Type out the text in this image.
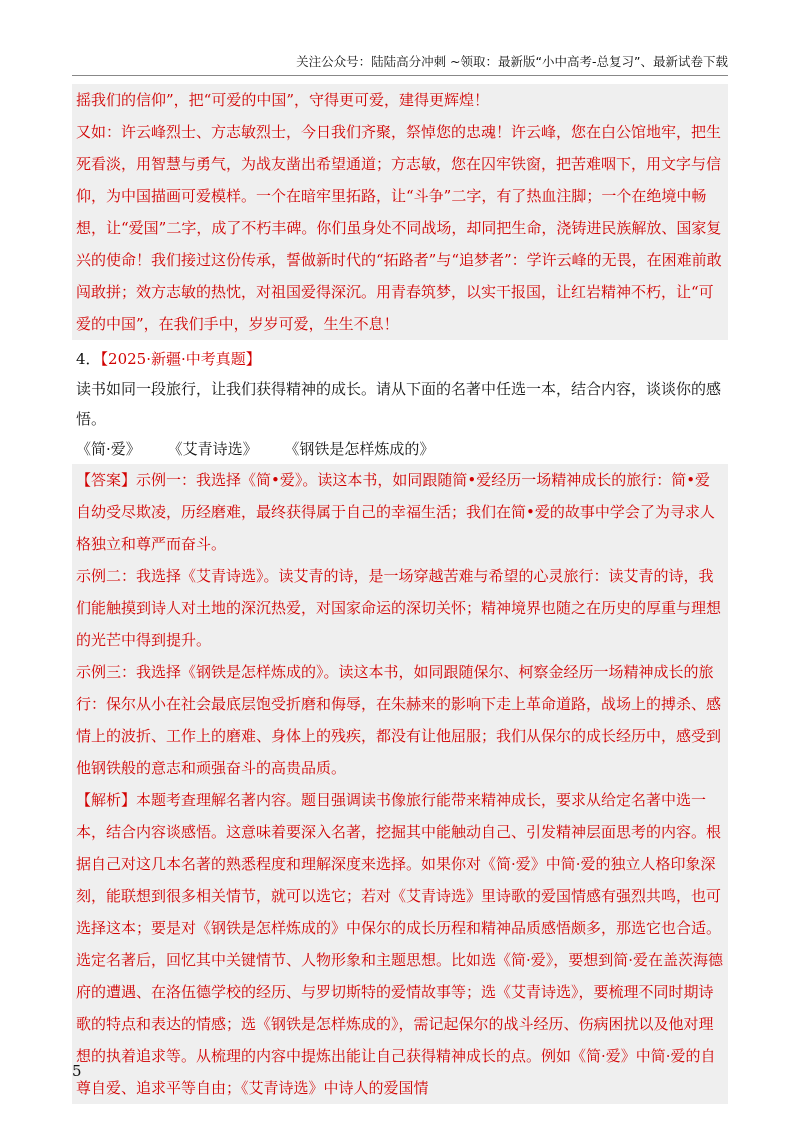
关注公众号：陆陆高分冲刺 ~领取：最新版“小中高考-总复习”、最新试卷下载

摇我们的信仰”，把“可爱的中国”，守得更可爱，建得更辉煌！

又如：许云峰烈士、方志敏烈士，今日我们齐聚，祭悼您的忠魂！许云峰，您在白公馆地牢，把生死看淡，用智慧与勇气，为战友凿出希望通道；方志敏，您在囚牢铁窗，把苦难咽下，用文字与信仰，为中国描画可爱模样。一个在暗牢里拓路，让“斗争”二字，有了热血注脚；一个在绝境中畅想，让“爱国”二字，成了不朽丰碑。你们虽身处不同战场，却同把生命，浇铸进民族解放、国家复兴的使命！我们接过这份传承，誓做新时代的“拓路者”与“追梦者”：学许云峰的无畏，在困难前敢闯敢拼；效方志敏的热忱，对祖国爱得深沉。用青春筑梦，以实干报国，让红岩精神不朽，让“可爱的中国”，在我们手中，岁岁可爱，生生不息！

4．【2025·新疆·中考真题】
读书如同一段旅行，让我们获得精神的成长。请从下面的名著中任选一本，结合内容，谈谈你的感悟。
《简·爱》 《艾青诗选》 《钢铁是怎样炼成的》

【答案】示例一：我选择《简•爱》。读这本书，如同跟随简•爱经历一场精神成长的旅行：简•爱自幼受尽欺凌，历经磨难，最终获得属于自己的幸福生活；我们在简•爱的故事中学会了为寻求人格独立和尊严而奋斗。

示例二：我选择《艾青诗选》。读艾青的诗，是一场穿越苦难与希望的心灵旅行：读艾青的诗，我们能触摸到诗人对土地的深沉热爱，对国家命运的深切关怀；精神境界也随之在历史的厚重与理想的光芒中得到提升。

示例三：我选择《钢铁是怎样炼成的》。读这本书，如同跟随保尔、柯察金经历一场精神成长的旅行：保尔从小在社会最底层饱受折磨和侮辱，在朱赫来的影响下走上革命道路，战场上的搏杀、感情上的波折、工作上的磨难、身体上的残疾，都没有让他屈服；我们从保尔的成长经历中，感受到他钢铁般的意志和顽强奋斗的高贵品质。

【解析】本题考查理解名著内容。题目强调读书像旅行能带来精神成长，要求从给定名著中选一本，结合内容谈感悟。这意味着要深入名著，挖掘其中能触动自己、引发精神层面思考的内容。根据自己对这几本名著的熟悉程度和理解深度来选择。如果你对《简·爱》中简·爱的独立人格印象深刻，能联想到很多相关情节，就可以选它；若对《艾青诗选》里诗歌的爱国情感有强烈共鸣，也可选择这本；要是对《钢铁是怎样炼成的》中保尔的成长历程和精神品质感悟颇多，那选它也合适。选定名著后，回忆其中关键情节、人物形象和主题思想。比如选《简·爱》，要想到简·爱在盖茨海德府的遭遇、在洛伍德学校的经历、与罗切斯特的爱情故事等；选《艾青诗选》，要梳理不同时期诗歌的特点和表达的情感；选《钢铁是怎样炼成的》，需记起保尔的战斗经历、伤病困扰以及他对理想的执着追求等。从梳理的内容中提炼出能让自己获得精神成长的点。例如《简·爱》中简·爱的自尊自爱、追求平等自由；《艾青诗选》中诗人的爱国情

5
